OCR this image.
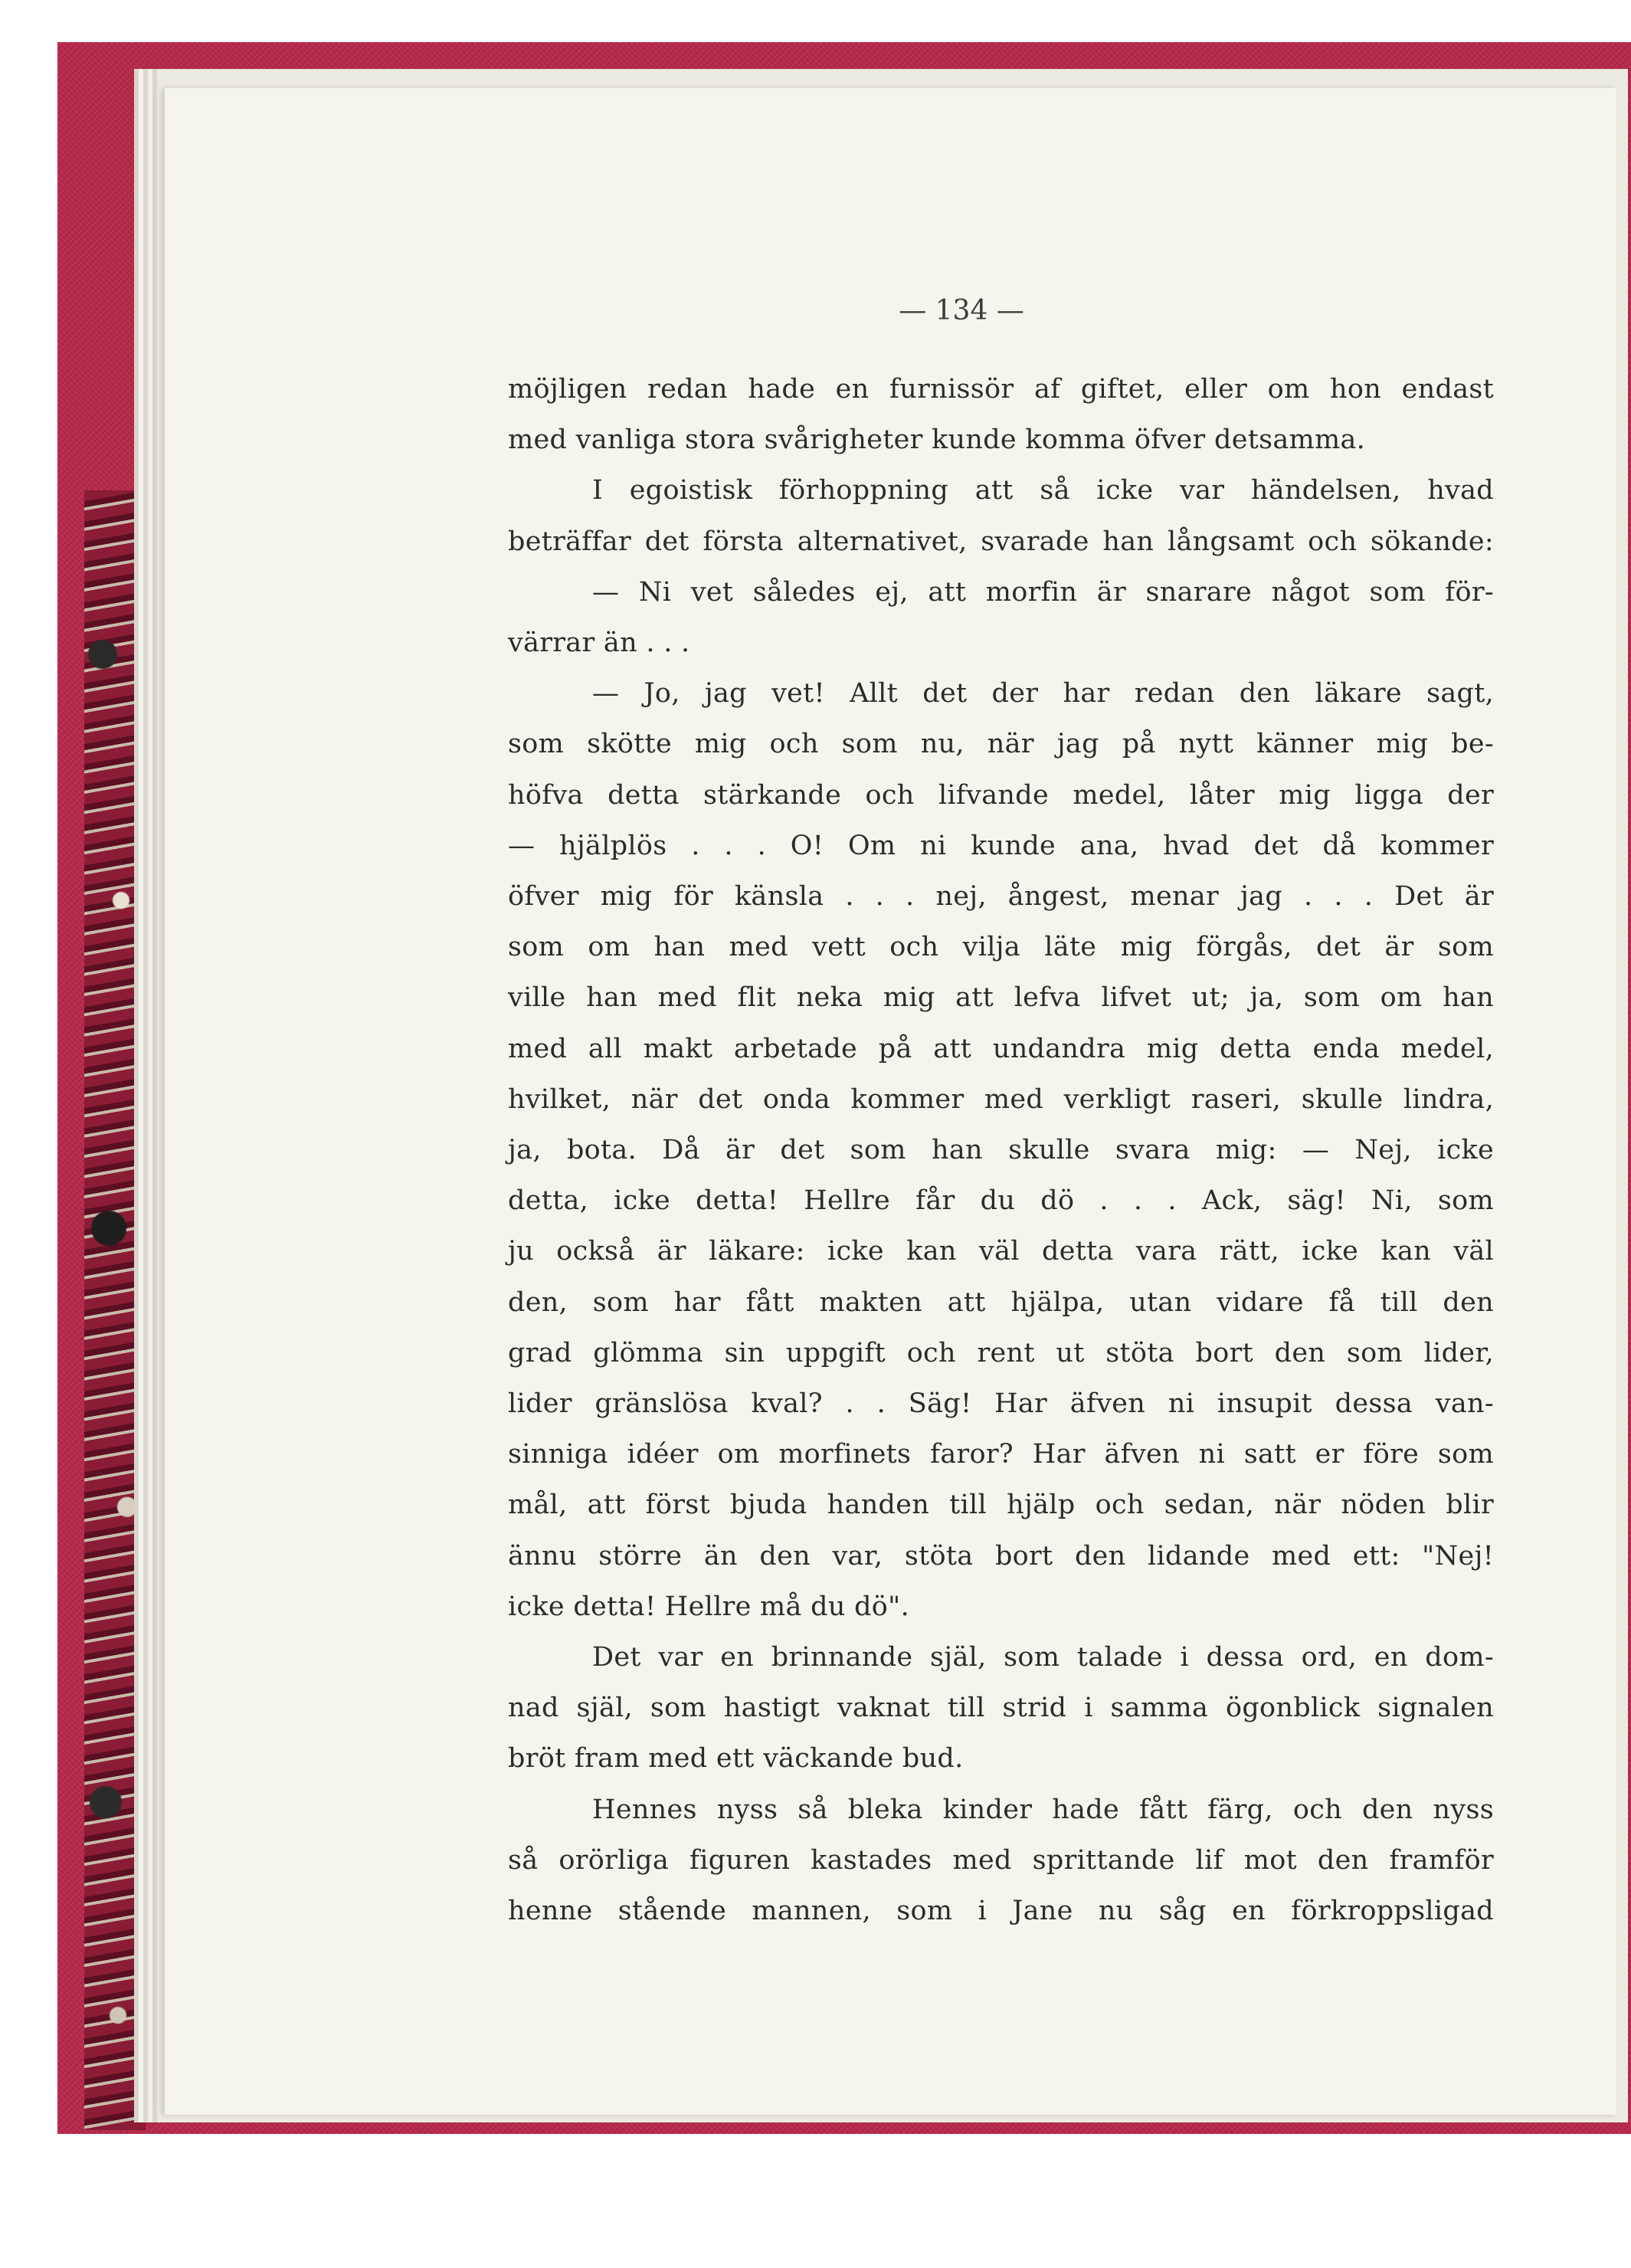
— 134 —
möjligen redan hade en furnissör af giftet, eller om hon endast
med vanliga stora svårigheter kunde komma öfver detsamma.
I egoistisk förhoppning att så icke var händelsen, hvad
beträffar det första alternativet, svarade han långsamt och sökande:
— Ni vet således ej, att morfin är snarare något som för-
värrar än . . .
— Jo, jag vet! Allt det der har redan den läkare sagt,
som skötte mig och som nu, när jag på nytt känner mig be-
höfva detta stärkande och lifvande medel, låter mig ligga der
— hjälplös . . . O! Om ni kunde ana, hvad det då kommer
öfver mig för känsla . . . nej, ångest, menar jag . . . Det är
som om han med vett och vilja läte mig förgås, det är som
ville han med flit neka mig att lefva lifvet ut; ja, som om han
med all makt arbetade på att undandra mig detta enda medel,
hvilket, när det onda kommer med verkligt raseri, skulle lindra,
ja, bota. Då är det som han skulle svara mig: — Nej, icke
detta, icke detta! Hellre får du dö . . . Ack, säg! Ni, som
ju också är läkare: icke kan väl detta vara rätt, icke kan väl
den, som har fått makten att hjälpa, utan vidare få till den
grad glömma sin uppgift och rent ut stöta bort den som lider,
lider gränslösa kval? . . Säg! Har äfven ni insupit dessa van-
sinniga idéer om morfinets faror? Har äfven ni satt er före som
mål, att först bjuda handen till hjälp och sedan, när nöden blir
ännu större än den var, stöta bort den lidande med ett: "Nej!
icke detta! Hellre må du dö".
Det var en brinnande själ, som talade i dessa ord, en dom-
nad själ, som hastigt vaknat till strid i samma ögonblick signalen
bröt fram med ett väckande bud.
Hennes nyss så bleka kinder hade fått färg, och den nyss
så orörliga figuren kastades med sprittande lif mot den framför
henne stående mannen, som i Jane nu såg en förkroppsligad
